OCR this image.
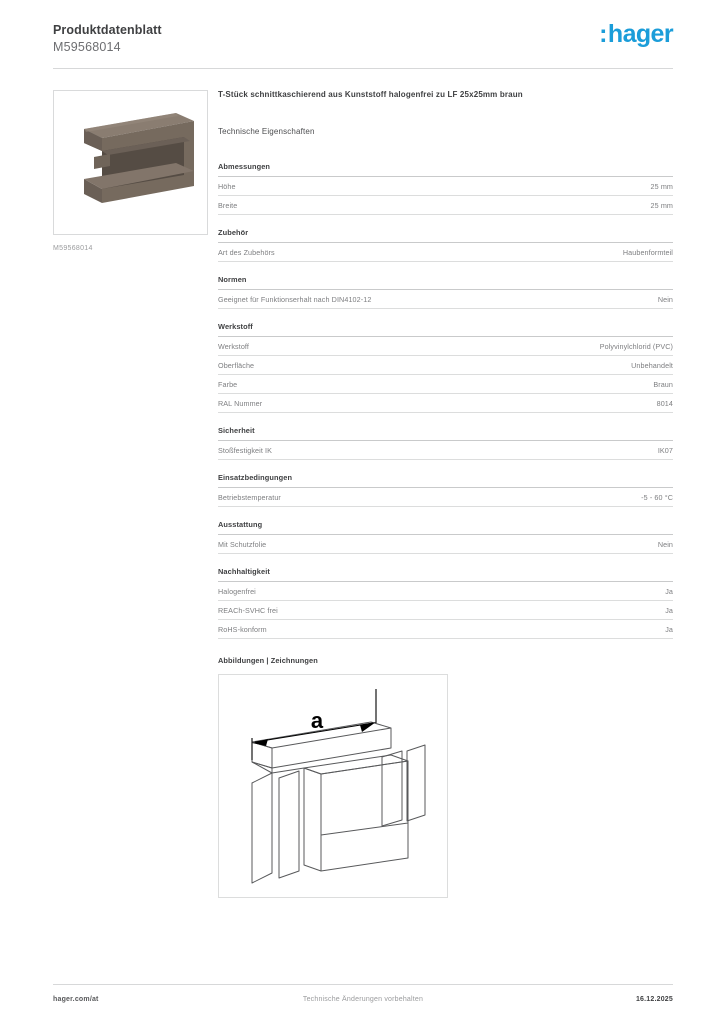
Produktdatenblatt
M59568014	: hager
M59568014
T-Stück schnittkaschierend aus Kunststoff halogenfrei zu LF 25x25mm braun
Technische Eigenschaften
Abmessungen
Höhe	25 mm
Breite	25 mm
Zubehör
Art des Zubehörs	Haubenformteil
Normen
Geeignet für Funktionserhalt nach DIN4102-12	Nein
Werkstoff
Werkstoff	Polyvinylchlorid (PVC)
Oberfläche	Unbehandelt
Farbe	Braun
RAL Nummer	8014
Sicherheit
Stoßfestigkeit IK	IK07
Einsatzbedingungen
Betriebstemperatur	-5 - 60 °C
Ausstattung
Mit Schutzfolie	Nein
Nachhaltigkeit
Halogenfrei	Ja
REACh-SVHC frei	Ja
RoHS-konform	Ja
Abbildungen | Zeichnungen
a
hager.com/at	Technische Änderungen vorbehalten	16.12.2025
